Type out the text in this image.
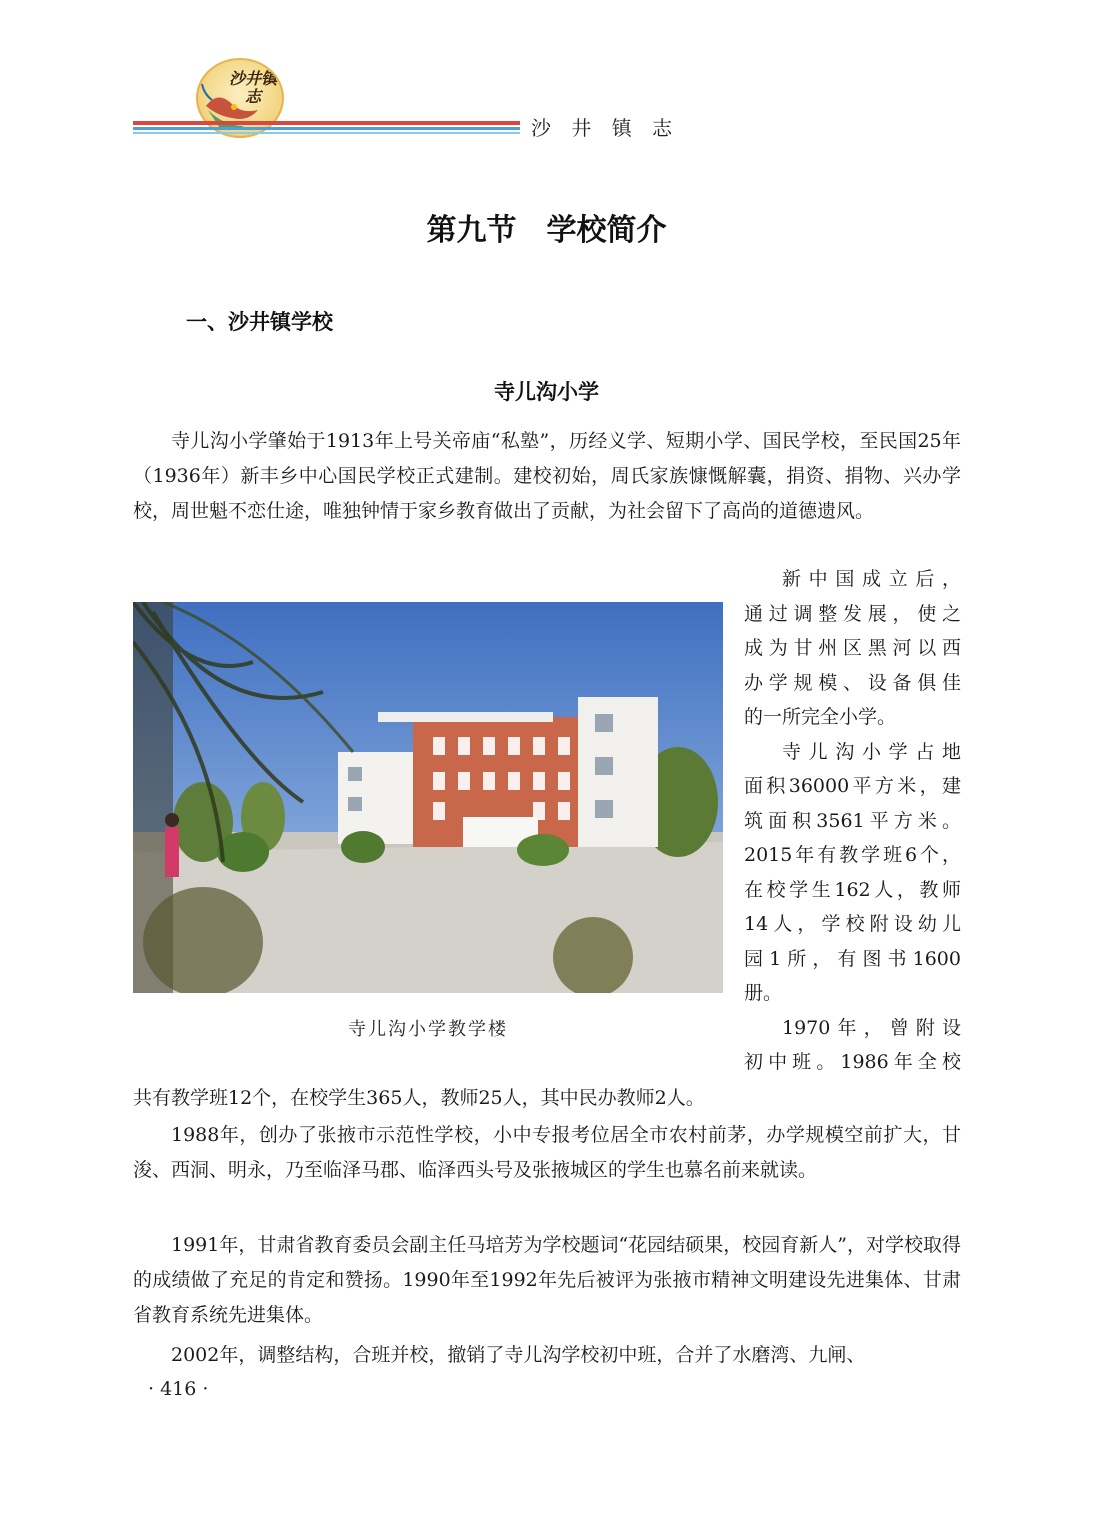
沙井镇志
沙 井 镇 志
第九节　学校简介
一、沙井镇学校
寺儿沟小学
寺儿沟小学肇始于1913年上号关帝庙“私塾”，历经义学、短期小学、国民学校，至民国25年（1936年）新丰乡中心国民学校正式建制。建校初始，周氏家族慷慨解囊，捐资、捐物、兴办学校，周世魁不恋仕途，唯独钟情于家乡教育做出了贡献，为社会留下了高尚的道德遗风。
寺儿沟小学教学楼

新中国成立后，

通过调整发展，使之

成为甘州区黑河以西

办学规模、设备俱佳

的一所完全小学。

寺儿沟小学占地

面积36000平方米，建

筑面积3561平方米。

2015年有教学班6个，

在校学生162人，教师

14人，学校附设幼儿

园1所，有图书1600

册。

1970年，曾附设

初中班。1986年全校

共有教学班12个，在校学生365人，教师25人，其中民办教师2人。
1988年，创办了张掖市示范性学校，小中专报考位居全市农村前茅，办学规模空前扩大，甘浚、西洞、明永，乃至临泽马郡、临泽西头号及张掖城区的学生也慕名前来就读。
1991年，甘肃省教育委员会副主任马培芳为学校题词“花园结硕果，校园育新人”，对学校取得的成绩做了充足的肯定和赞扬。1990年至1992年先后被评为张掖市精神文明建设先进集体、甘肃省教育系统先进集体。
2002年，调整结构，合班并校，撤销了寺儿沟学校初中班，合并了水磨湾、九闸、
· 416 ·
